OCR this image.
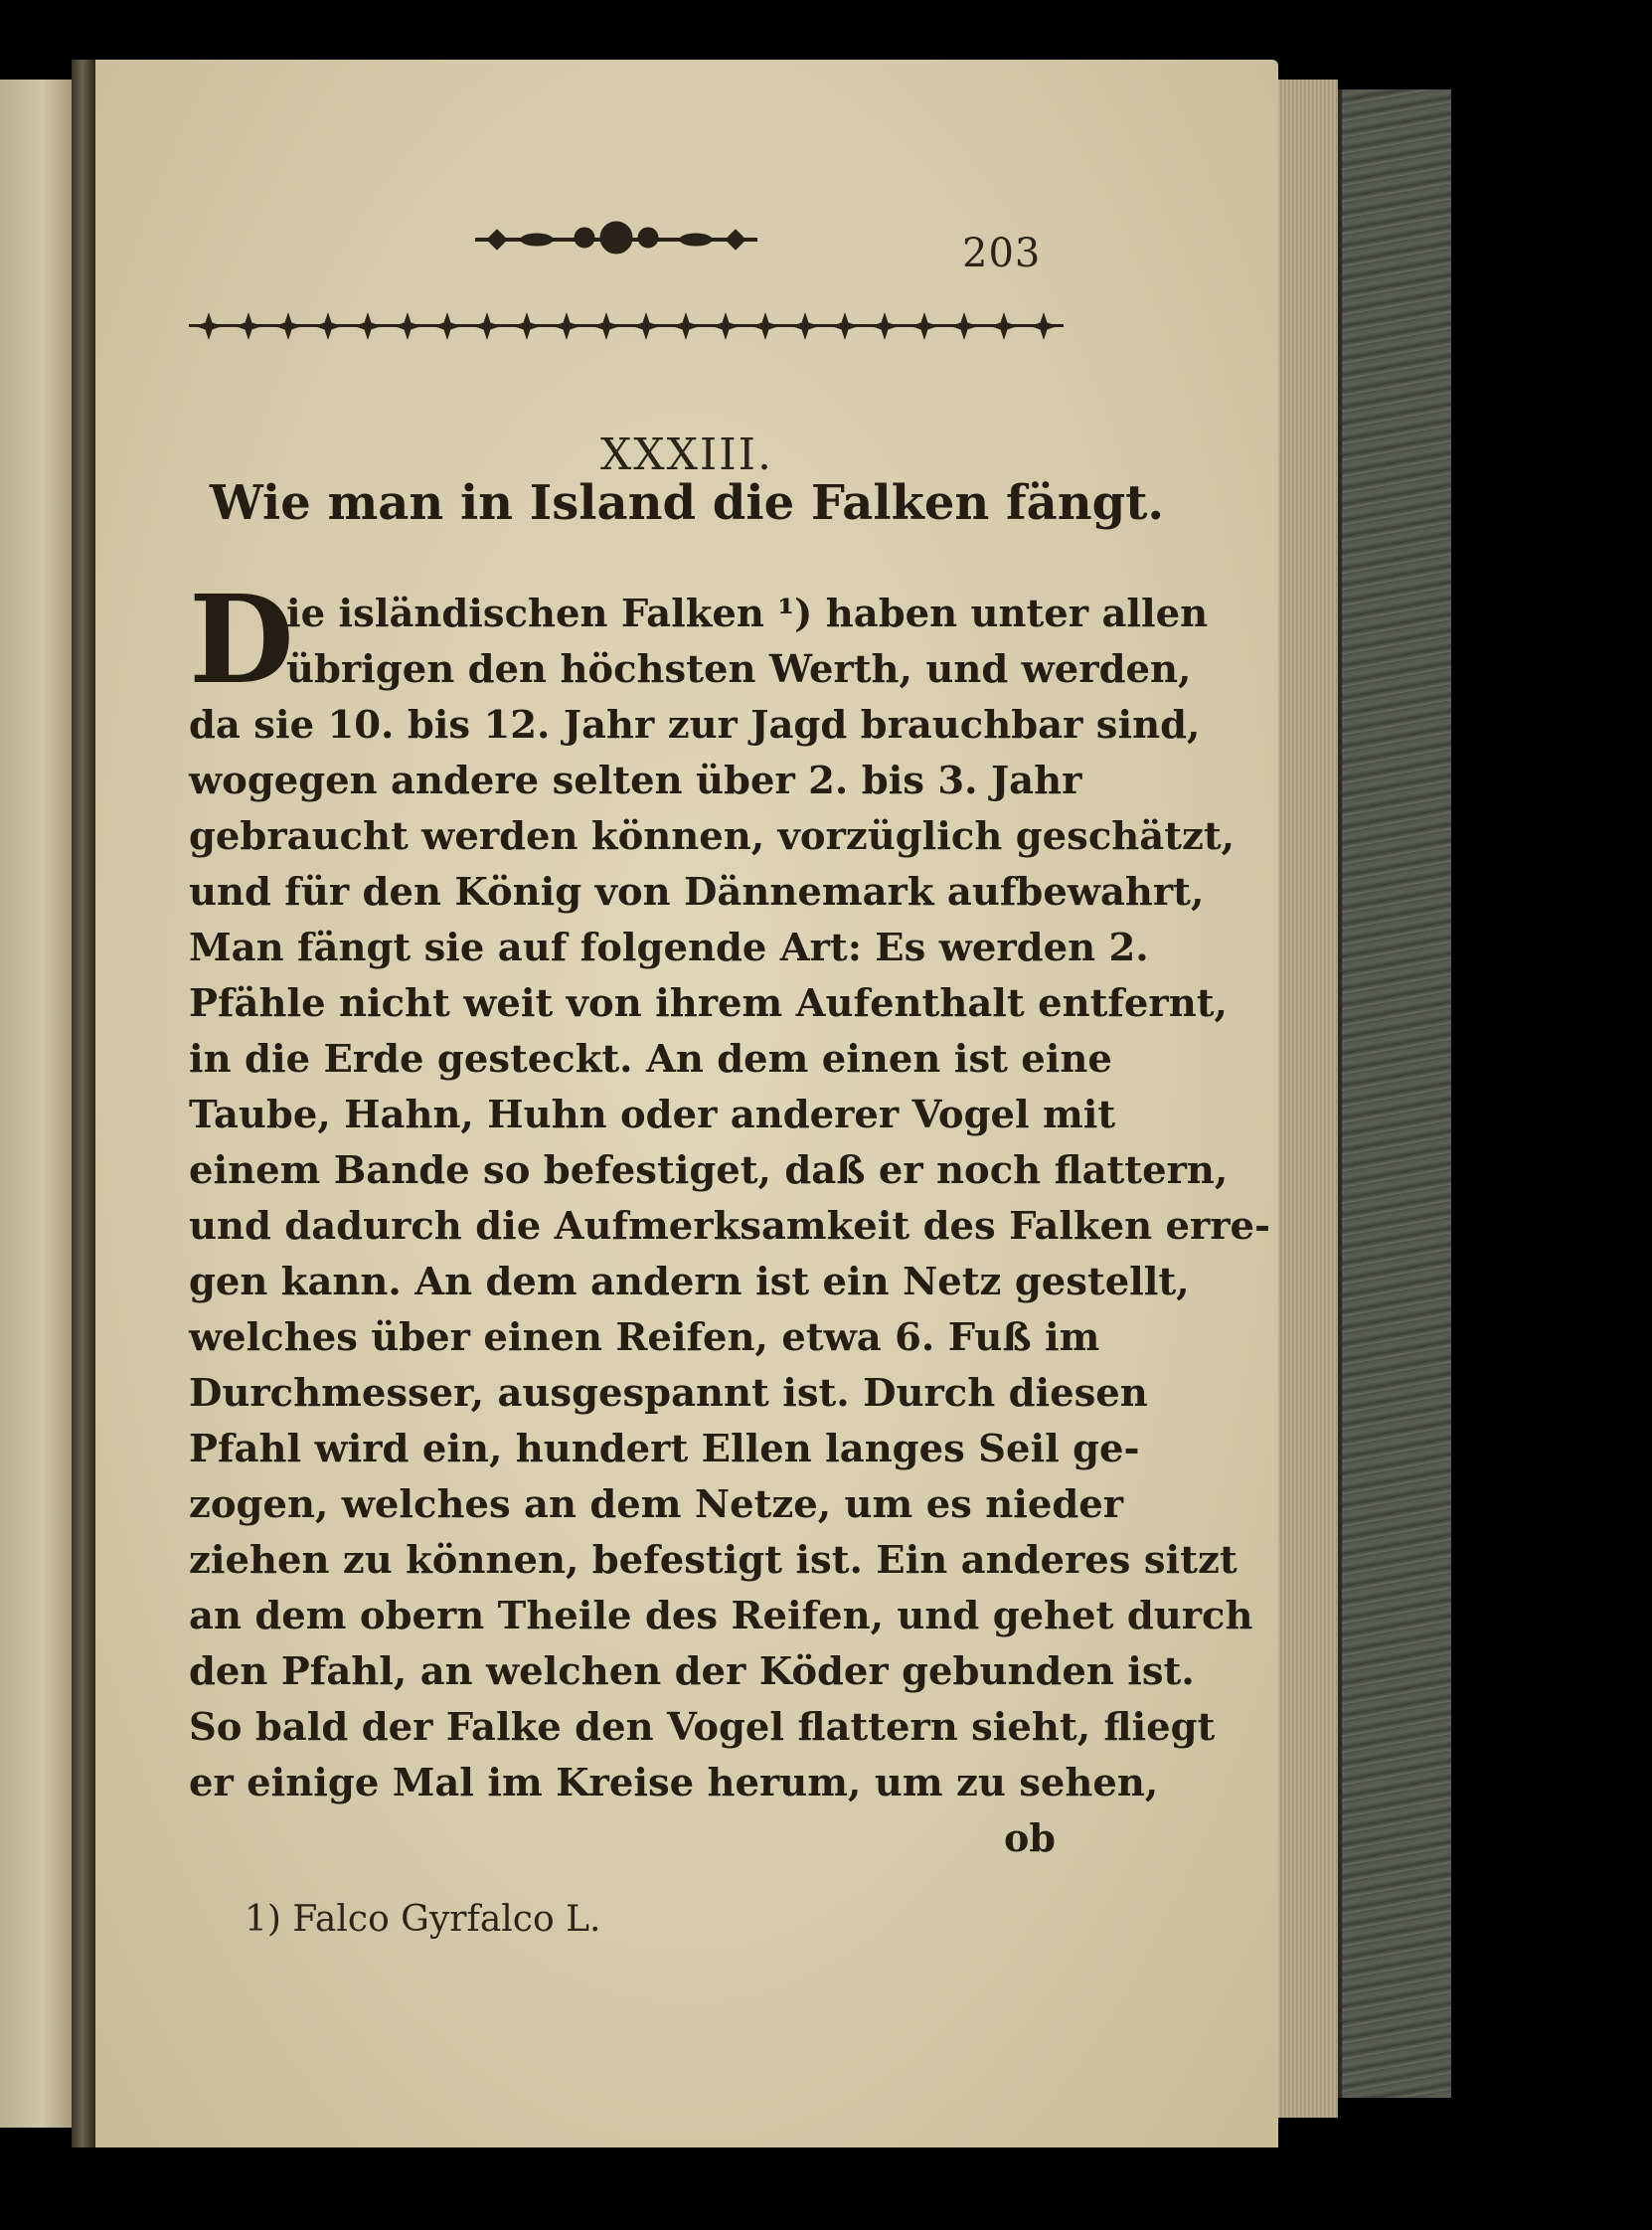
203
XXXIII.
Wie man in Island die Falken fängt.
D
ie isländischen Falken ¹) haben unter allen
übrigen den höchsten Werth, und werden,
da sie 10. bis 12. Jahr zur Jagd brauchbar sind,
wogegen andere selten über 2. bis 3. Jahr
gebraucht werden können, vorzüglich geschätzt,
und für den König von Dännemark aufbewahrt,
Man fängt sie auf folgende Art: Es werden 2.
Pfähle nicht weit von ihrem Aufenthalt entfernt,
in die Erde gesteckt. An dem einen ist eine
Taube, Hahn, Huhn oder anderer Vogel mit
einem Bande so befestiget, daß er noch flattern,
und dadurch die Aufmerksamkeit des Falken erre-
gen kann. An dem andern ist ein Netz gestellt,
welches über einen Reifen, etwa 6. Fuß im
Durchmesser, ausgespannt ist. Durch diesen
Pfahl wird ein, hundert Ellen langes Seil ge-
zogen, welches an dem Netze, um es nieder
ziehen zu können, befestigt ist. Ein anderes sitzt
an dem obern Theile des Reifen, und gehet durch
den Pfahl, an welchen der Köder gebunden ist.
So bald der Falke den Vogel flattern sieht, fliegt
er einige Mal im Kreise herum, um zu sehen,
ob
1) Falco Gyrfalco L.
